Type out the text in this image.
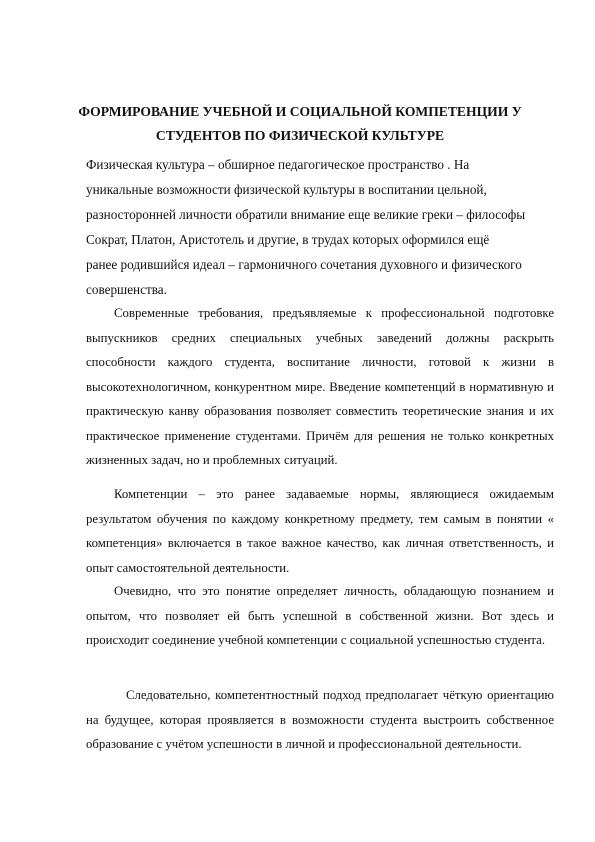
ФОРМИРОВАНИЕ УЧЕБНОЙ И СОЦИАЛЬНОЙ КОМПЕТЕНЦИИ У
СТУДЕНТОВ ПО ФИЗИЧЕСКОЙ КУЛЬТУРЕ

Физическая культура – обширное педагогическое пространство . На

уникальные возможности физической культуры в воспитании цельной,

разносторонней личности обратили внимание еще великие греки – философы

Сократ, Платон, Аристотель и другие, в трудах которых оформился ещё

ранее родившийся идеал – гармоничного сочетания духовного и физического

совершенства.

Современные требования, предъявляемые к профессиональной подготовке выпускников средних специальных учебных заведений должны раскрыть способности каждого студента, воспитание личности, готовой к жизни в высокотехнологичном, конкурентном мире. Введение компетенций в нормативную и практическую канву образования позволяет совместить теоретические знания и их практическое применение студентами. Причём для решения не только конкретных жизненных задач, но и проблемных ситуаций.

Компетенции – это ранее задаваемые нормы, являющиеся ожидаемым результатом обучения по каждому конкретному предмету, тем самым в понятии « компетенция» включается в такое важное качество, как личная ответственность, и опыт самостоятельной деятельности.

Очевидно, что это понятие определяет личность, обладающую познанием и опытом, что позволяет ей быть успешной в собственной жизни. Вот здесь и происходит соединение учебной компетенции с социальной успешностью студента.

Следовательно, компетентностный подход предполагает чёткую ориентацию на будущее, которая проявляется в возможности студента выстроить собственное образование с учётом успешности в личной и профессиональной деятельности.
